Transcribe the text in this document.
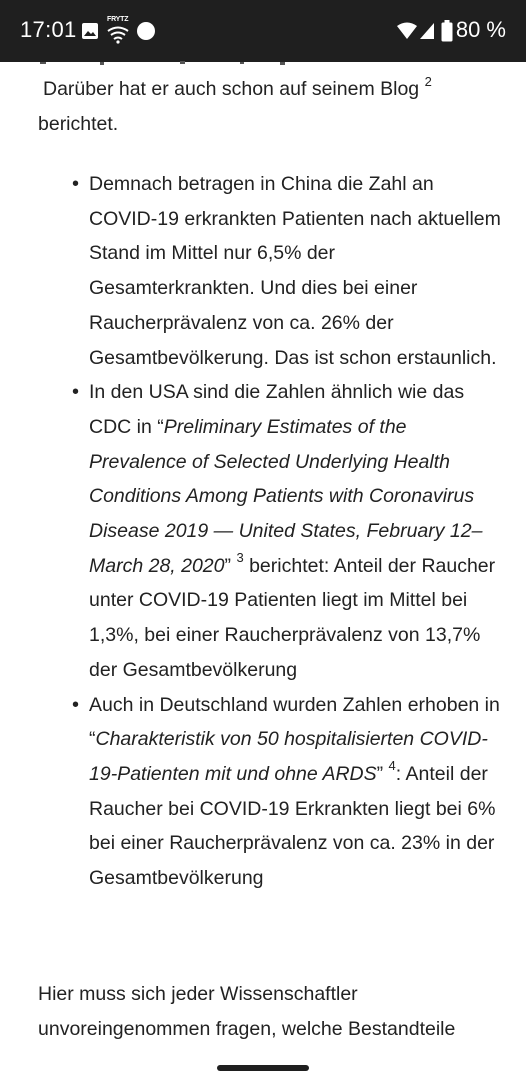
17:01	FRYTZ	80 %

Darüber hat er auch schon auf seinem Blog $^2$
berichtet.

• Demnach betragen in China die Zahl an COVID-19 erkrankten Patienten nach aktuellem Stand im Mittel nur 6,5% der Gesamterkrankten. Und dies bei einer Raucherprävalenz von ca. 26% der Gesamtbevölkerung. Das ist schon erstaunlich.
• In den USA sind die Zahlen ähnlich wie das CDC in “Preliminary Estimates of the Prevalence of Selected Underlying Health Conditions Among Patients with Coronavirus Disease 2019 — United States, February 12–March 28, 2020” $^3$ berichtet: Anteil der Raucher unter COVID-19 Patienten liegt im Mittel bei 1,3%, bei einer Raucherprävalenz von 13,7% der Gesamtbevölkerung
• Auch in Deutschland wurden Zahlen erhoben in “Charakteristik von 50 hospitalisierten COVID-19-Patienten mit und ohne ARDS” $^4$: Anteil der Raucher bei COVID-19 Erkrankten liegt bei 6% bei einer Raucherprävalenz von ca. 23% in der Gesamtbevölkerung

Hier muss sich jeder Wissenschaftler unvoreingenommen fragen, welche Bestandteile
